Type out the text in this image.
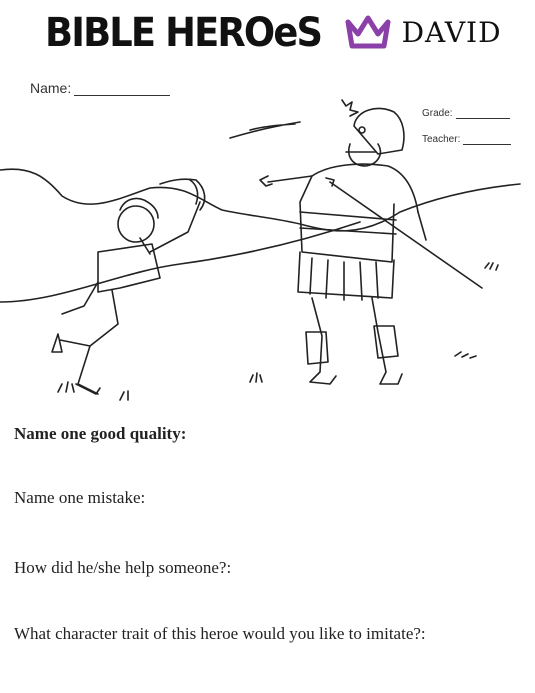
BIBLE HEROeS	DAVID
Name:
Grade:
Teacher:
Name one good quality:
Name one mistake:
How did he/she help someone?:
What character trait of this heroe would you like to imitate?:
